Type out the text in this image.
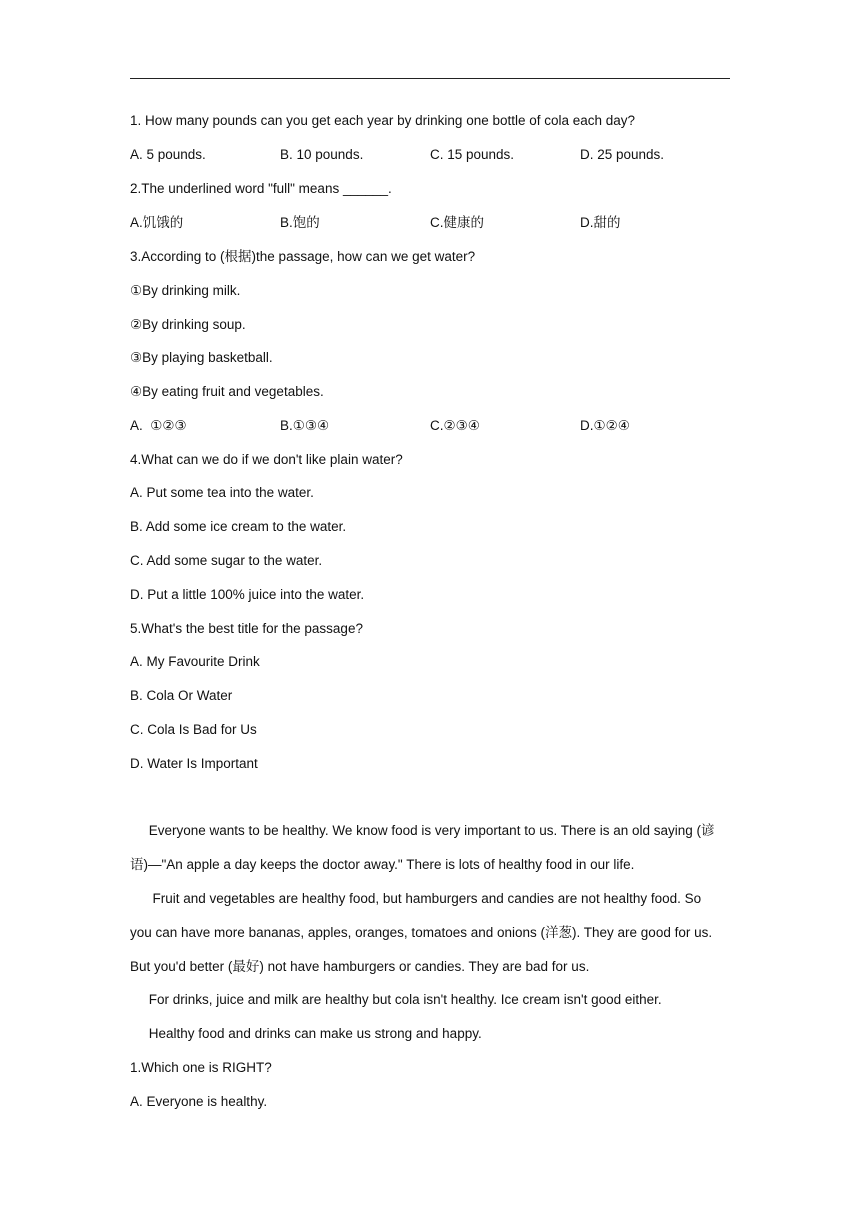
1. How many pounds can you get each year by drinking one bottle of cola each day?
A. 5 pounds.	B. 10 pounds.	C. 15 pounds.	D. 25 pounds.
2.The underlined word "full" means ______.
A.饥饿的	B.饱的	C.健康的	D.甜的
3.According to (根据)the passage, how can we get water?
①By drinking milk.
②By drinking soup.
③By playing basketball.
④By eating fruit and vegetables.
A.  ①②③	B.①③④	C.②③④	D.①②④
4.What can we do if we don't like plain water?
A. Put some tea into the water.
B. Add some ice cream to the water.
C. Add some sugar to the water.
D. Put a little 100% juice into the water.
5.What's the best title for the passage?
A. My Favourite Drink
B. Cola Or Water
C. Cola Is Bad for Us
D. Water Is Important
Everyone wants to be healthy. We know food is very important to us. There is an old saying (谚
语)—"An apple a day keeps the doctor away." There is lots of healthy food in our life.
Fruit and vegetables are healthy food, but hamburgers and candies are not healthy food. So
you can have more bananas, apples, oranges, tomatoes and onions (洋葱). They are good for us.
But you'd better (最好) not have hamburgers or candies. They are bad for us.
For drinks, juice and milk are healthy but cola isn't healthy. Ice cream isn't good either.
Healthy food and drinks can make us strong and happy.
1.Which one is RIGHT?
A. Everyone is healthy.
